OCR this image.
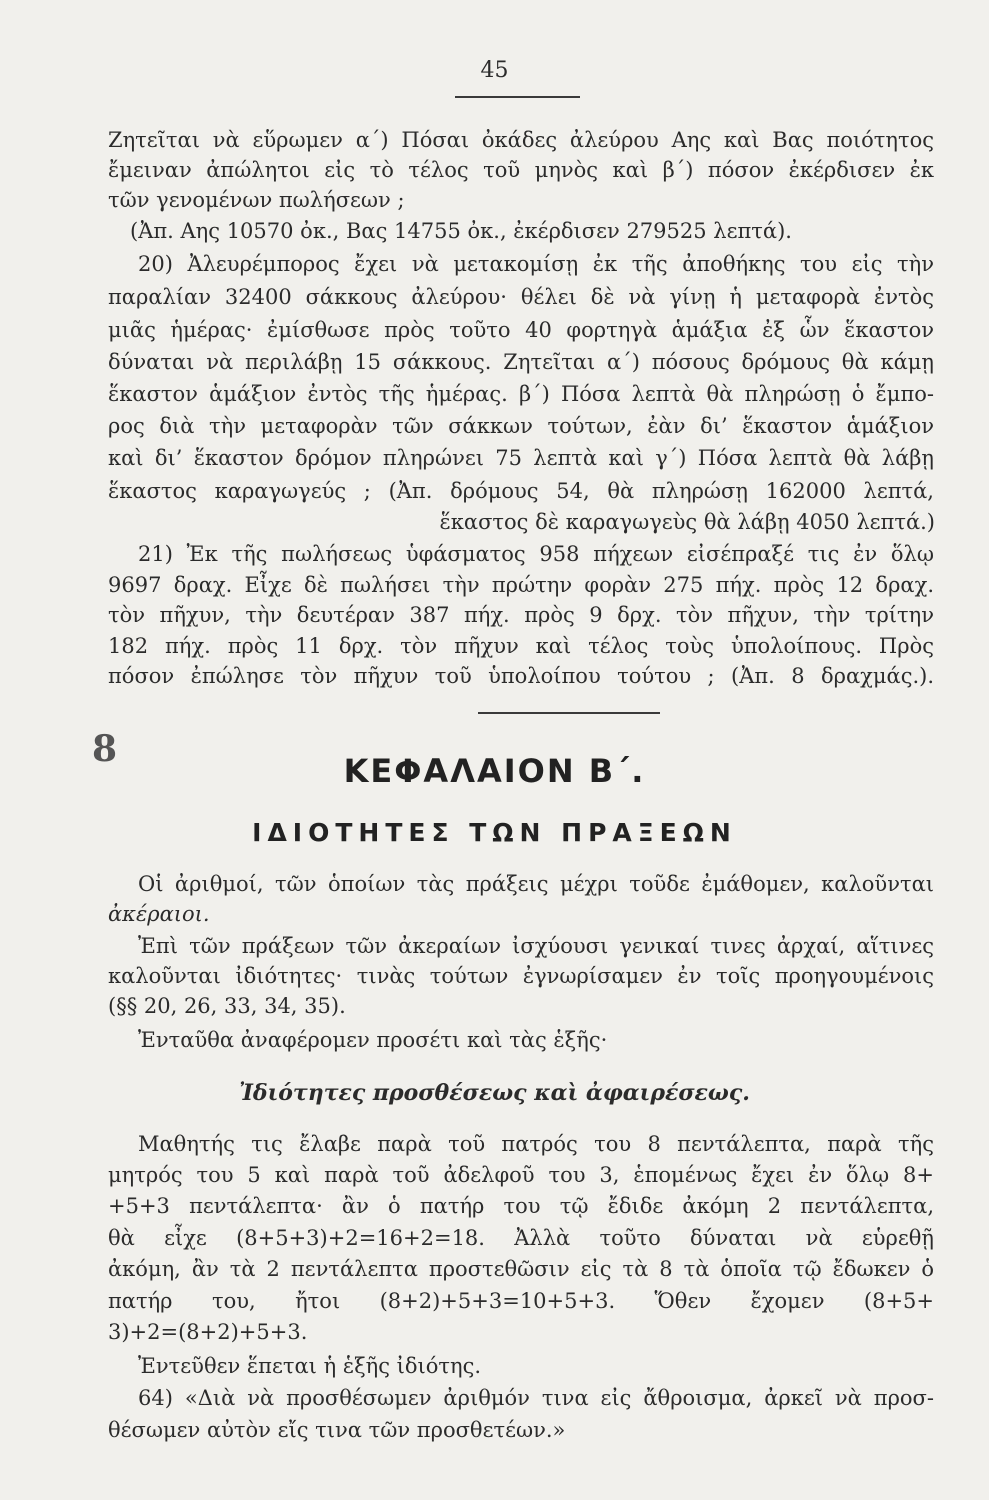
45
Ζητεῖται νὰ εὕρωμεν α΄) Πόσαι ὀκάδες ἀλεύρου Αης καὶ Βας ποιότητος
ἔμειναν ἀπώλητοι εἰς τὸ τέλος τοῦ μηνὸς καὶ β΄) πόσον ἐκέρδισεν ἐκ
τῶν γενομένων πωλήσεων ;
(Ἀπ. Αης 10570 ὀκ., Βας 14755 ὀκ., ἐκέρδισεν 279525 λεπτά).
20) Ἀλευρέμπορος ἔχει νὰ μετακομίσῃ ἐκ τῆς ἀποθήκης του εἰς τὴν
παραλίαν 32400 σάκκους ἀλεύρου· θέλει δὲ νὰ γίνῃ ἡ μεταφορὰ ἐντὸς
μιᾶς ἡμέρας· ἐμίσθωσε πρὸς τοῦτο 40 φορτηγὰ ἁμάξια ἐξ ὧν ἕκαστον
δύναται νὰ περιλάβῃ 15 σάκκους. Ζητεῖται α΄) πόσους δρόμους θὰ κάμῃ
ἕκαστον ἁμάξιον ἐντὸς τῆς ἡμέρας. β΄) Πόσα λεπτὰ θὰ πληρώσῃ ὁ ἔμπο-
ρος διὰ τὴν μεταφορὰν τῶν σάκκων τούτων, ἐὰν δι’ ἕκαστον ἁμάξιον
καὶ δι’ ἕκαστον δρόμον πληρώνει 75 λεπτὰ καὶ γ΄) Πόσα λεπτὰ θὰ λάβῃ
ἕκαστος καραγωγεύς ; (Ἀπ. δρόμους 54, θὰ πληρώσῃ 162000 λεπτά,
ἕκαστος δὲ καραγωγεὺς θὰ λάβῃ 4050 λεπτά.)
21) Ἐκ τῆς πωλήσεως ὑφάσματος 958 πήχεων εἰσέπραξέ τις ἐν ὅλῳ
9697 δραχ. Εἶχε δὲ πωλήσει τὴν πρώτην φορὰν 275 πήχ. πρὸς 12 δραχ.
τὸν πῆχυν, τὴν δευτέραν 387 πήχ. πρὸς 9 δρχ. τὸν πῆχυν, τὴν τρίτην
182 πήχ. πρὸς 11 δρχ. τὸν πῆχυν καὶ τέλος τοὺς ὑπολοίπους. Πρὸς
πόσον ἐπώλησε τὸν πῆχυν τοῦ ὑπολοίπου τούτου ; (Ἀπ. 8 δραχμάς.).
8
ΚΕΦΑΛΑΙΟΝ Β΄.
ΙΔΙΟΤΗΤΕΣ ΤΩΝ ΠΡΑΞΕΩΝ
Οἱ ἀριθμοί, τῶν ὁποίων τὰς πράξεις μέχρι τοῦδε ἐμάθομεν, καλοῦνται
ἀκέραιοι.
Ἐπὶ τῶν πράξεων τῶν ἀκεραίων ἰσχύουσι γενικαί τινες ἀρχαί, αἵτινες
καλοῦνται ἰδιότητες· τινὰς τούτων ἐγνωρίσαμεν ἐν τοῖς προηγουμένοις
(§§ 20, 26, 33, 34, 35).
Ἐνταῦθα ἀναφέρομεν προσέτι καὶ τὰς ἑξῆς·
Ἰδιότητες προσθέσεως καὶ ἀφαιρέσεως.
Μαθητής τις ἔλαβε παρὰ τοῦ πατρός του 8 πεντάλεπτα, παρὰ τῆς
μητρός του 5 καὶ παρὰ τοῦ ἀδελφοῦ του 3, ἑπομένως ἔχει ἐν ὅλῳ 8+
+5+3 πεντάλεπτα· ἂν ὁ πατήρ του τῷ ἔδιδε ἀκόμη 2 πεντάλεπτα,
θὰ εἶχε (8+5+3)+2=16+2=18. Ἀλλὰ τοῦτο δύναται νὰ εὑρεθῇ
ἀκόμη, ἂν τὰ 2 πεντάλεπτα προστεθῶσιν εἰς τὰ 8 τὰ ὁποῖα τῷ ἔδωκεν ὁ
πατήρ του, ἤτοι (8+2)+5+3=10+5+3. Ὅθεν ἔχομεν (8+5+
3)+2=(8+2)+5+3.
Ἐντεῦθεν ἕπεται ἡ ἑξῆς ἰδιότης.
64) «Διὰ νὰ προσθέσωμεν ἀριθμόν τινα εἰς ἄθροισμα, ἀρκεῖ νὰ προσ-
θέσωμεν αὐτὸν εἴς τινα τῶν προσθετέων.»
